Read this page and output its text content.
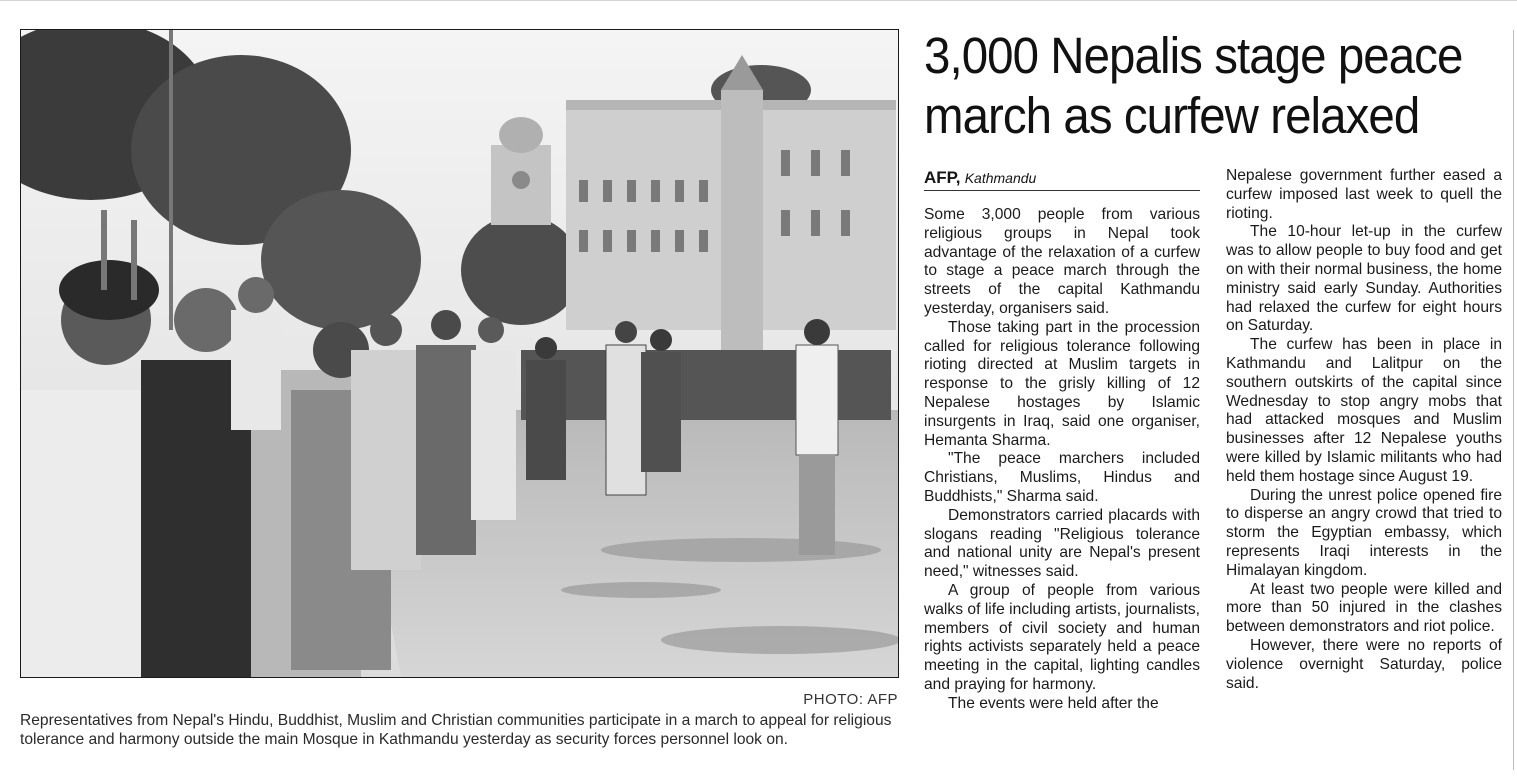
PHOTO: AFP
Representatives from Nepal's Hindu, Buddhist, Muslim and Christian communities participate in a march to appeal for religious tolerance and harmony outside the main Mosque in Kathmandu yesterday as security forces personnel look on.
3,000 Nepalis stage peace march as curfew relaxed
AFP, Kathmandu

Some 3,000 people from various religious groups in Nepal took advantage of the relaxation of a curfew to stage a peace march through the streets of the capital Kathmandu yesterday, organisers said.

Those taking part in the procession called for religious tolerance following rioting directed at Muslim targets in response to the grisly killing of 12 Nepalese hostages by Islamic insurgents in Iraq, said one organiser, Hemanta Sharma.

"The peace marchers included Christians, Muslims, Hindus and Buddhists," Sharma said.

Demonstrators carried placards with slogans reading "Religious tolerance and national unity are Nepal's present need," witnesses said.

A group of people from various walks of life including artists, journalists, members of civil society and human rights activists separately held a peace meeting in the capital, lighting candles and praying for harmony.

The events were held after the

Nepalese government further eased a curfew imposed last week to quell the rioting.

The 10-hour let-up in the curfew was to allow people to buy food and get on with their normal business, the home ministry said early Sunday. Authorities had relaxed the curfew for eight hours on Saturday.

The curfew has been in place in Kathmandu and Lalitpur on the southern outskirts of the capital since Wednesday to stop angry mobs that had attacked mosques and Muslim businesses after 12 Nepalese youths were killed by Islamic militants who had held them hostage since August 19.

During the unrest police opened fire to disperse an angry crowd that tried to storm the Egyptian embassy, which represents Iraqi interests in the Himalayan kingdom.

At least two people were killed and more than 50 injured in the clashes between demonstrators and riot police.

However, there were no reports of violence overnight Saturday, police said.
